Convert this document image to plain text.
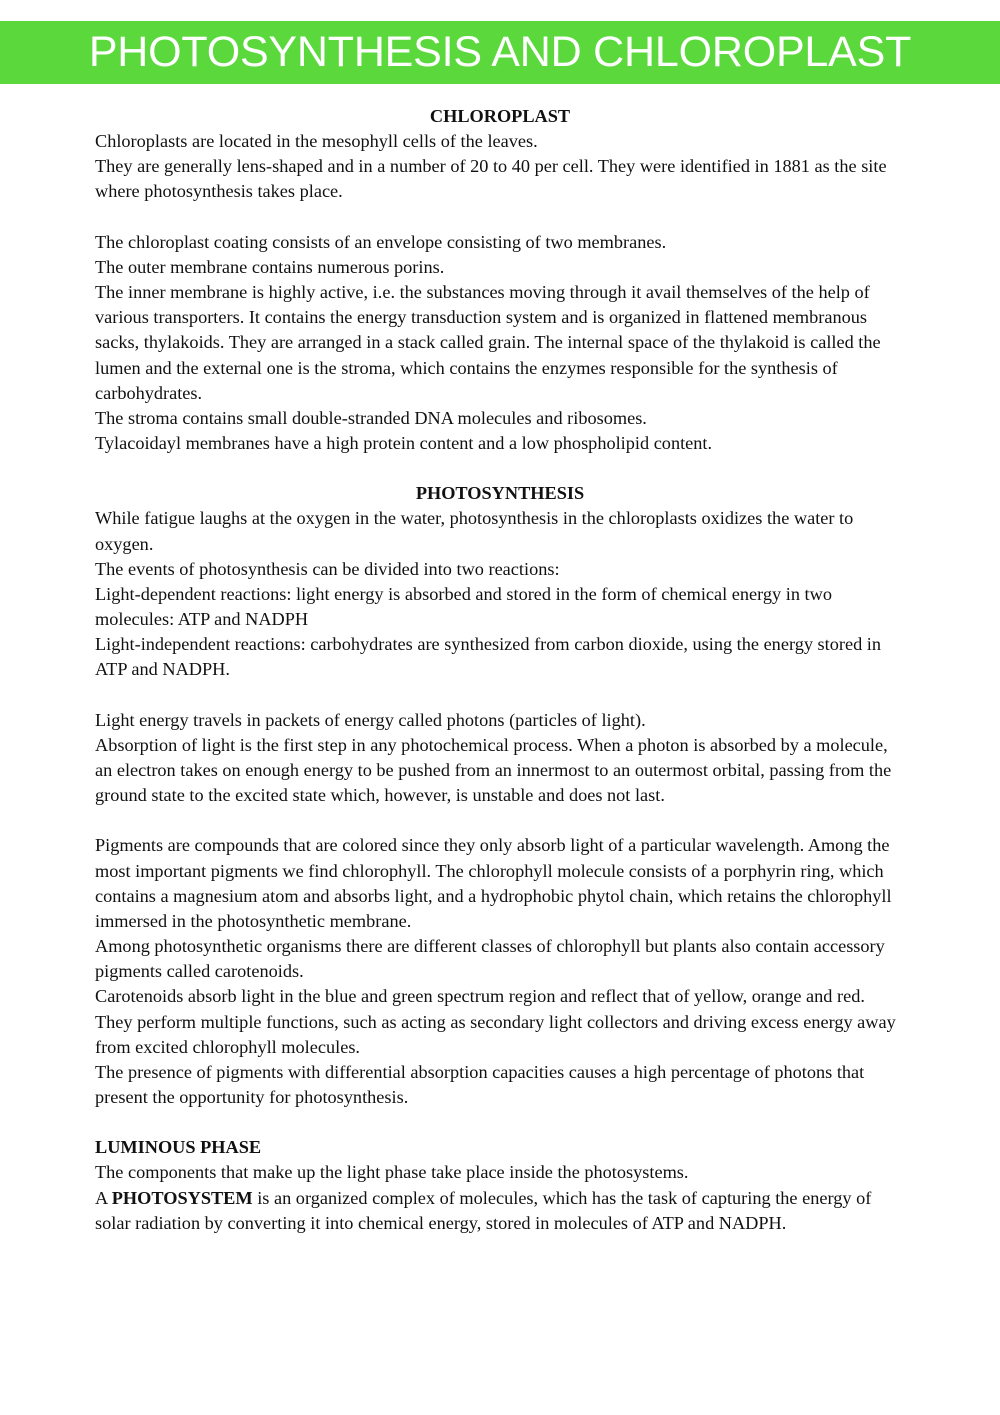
PHOTOSYNTHESIS AND CHLOROPLAST

CHLOROPLAST

Chloroplasts are located in the mesophyll cells of the leaves.

They are generally lens-shaped and in a number of 20 to 40 per cell. They were identified in 1881 as the site where photosynthesis takes place.

The chloroplast coating consists of an envelope consisting of two membranes.

The outer membrane contains numerous porins.

The inner membrane is highly active, i.e. the substances moving through it avail themselves of the help of various transporters. It contains the energy transduction system and is organized in flattened membranous sacks, thylakoids. They are arranged in a stack called grain. The internal space of the thylakoid is called the lumen and the external one is the stroma, which contains the enzymes responsible for the synthesis of carbohydrates.

The stroma contains small double-stranded DNA molecules and ribosomes.

Tylacoidayl membranes have a high protein content and a low phospholipid content.

PHOTOSYNTHESIS

While fatigue laughs at the oxygen in the water, photosynthesis in the chloroplasts oxidizes the water to oxygen.

The events of photosynthesis can be divided into two reactions:

Light-dependent reactions: light energy is absorbed and stored in the form of chemical energy in two molecules: ATP and NADPH

Light-independent reactions: carbohydrates are synthesized from carbon dioxide, using the energy stored in ATP and NADPH.

Light energy travels in packets of energy called photons (particles of light).

Absorption of light is the first step in any photochemical process. When a photon is absorbed by a molecule, an electron takes on enough energy to be pushed from an innermost to an outermost orbital, passing from the ground state to the excited state which, however, is unstable and does not last.

Pigments are compounds that are colored since they only absorb light of a particular wavelength. Among the most important pigments we find chlorophyll. The chlorophyll molecule consists of a porphyrin ring, which contains a magnesium atom and absorbs light, and a hydrophobic phytol chain, which retains the chlorophyll immersed in the photosynthetic membrane.

Among photosynthetic organisms there are different classes of chlorophyll but plants also contain accessory pigments called carotenoids.

Carotenoids absorb light in the blue and green spectrum region and reflect that of yellow, orange and red. They perform multiple functions, such as acting as secondary light collectors and driving excess energy away from excited chlorophyll molecules.

The presence of pigments with differential absorption capacities causes a high percentage of photons that present the opportunity for photosynthesis.

LUMINOUS PHASE

The components that make up the light phase take place inside the photosystems.

A PHOTOSYSTEM is an organized complex of molecules, which has the task of capturing the energy of solar radiation by converting it into chemical energy, stored in molecules of ATP and NADPH.
